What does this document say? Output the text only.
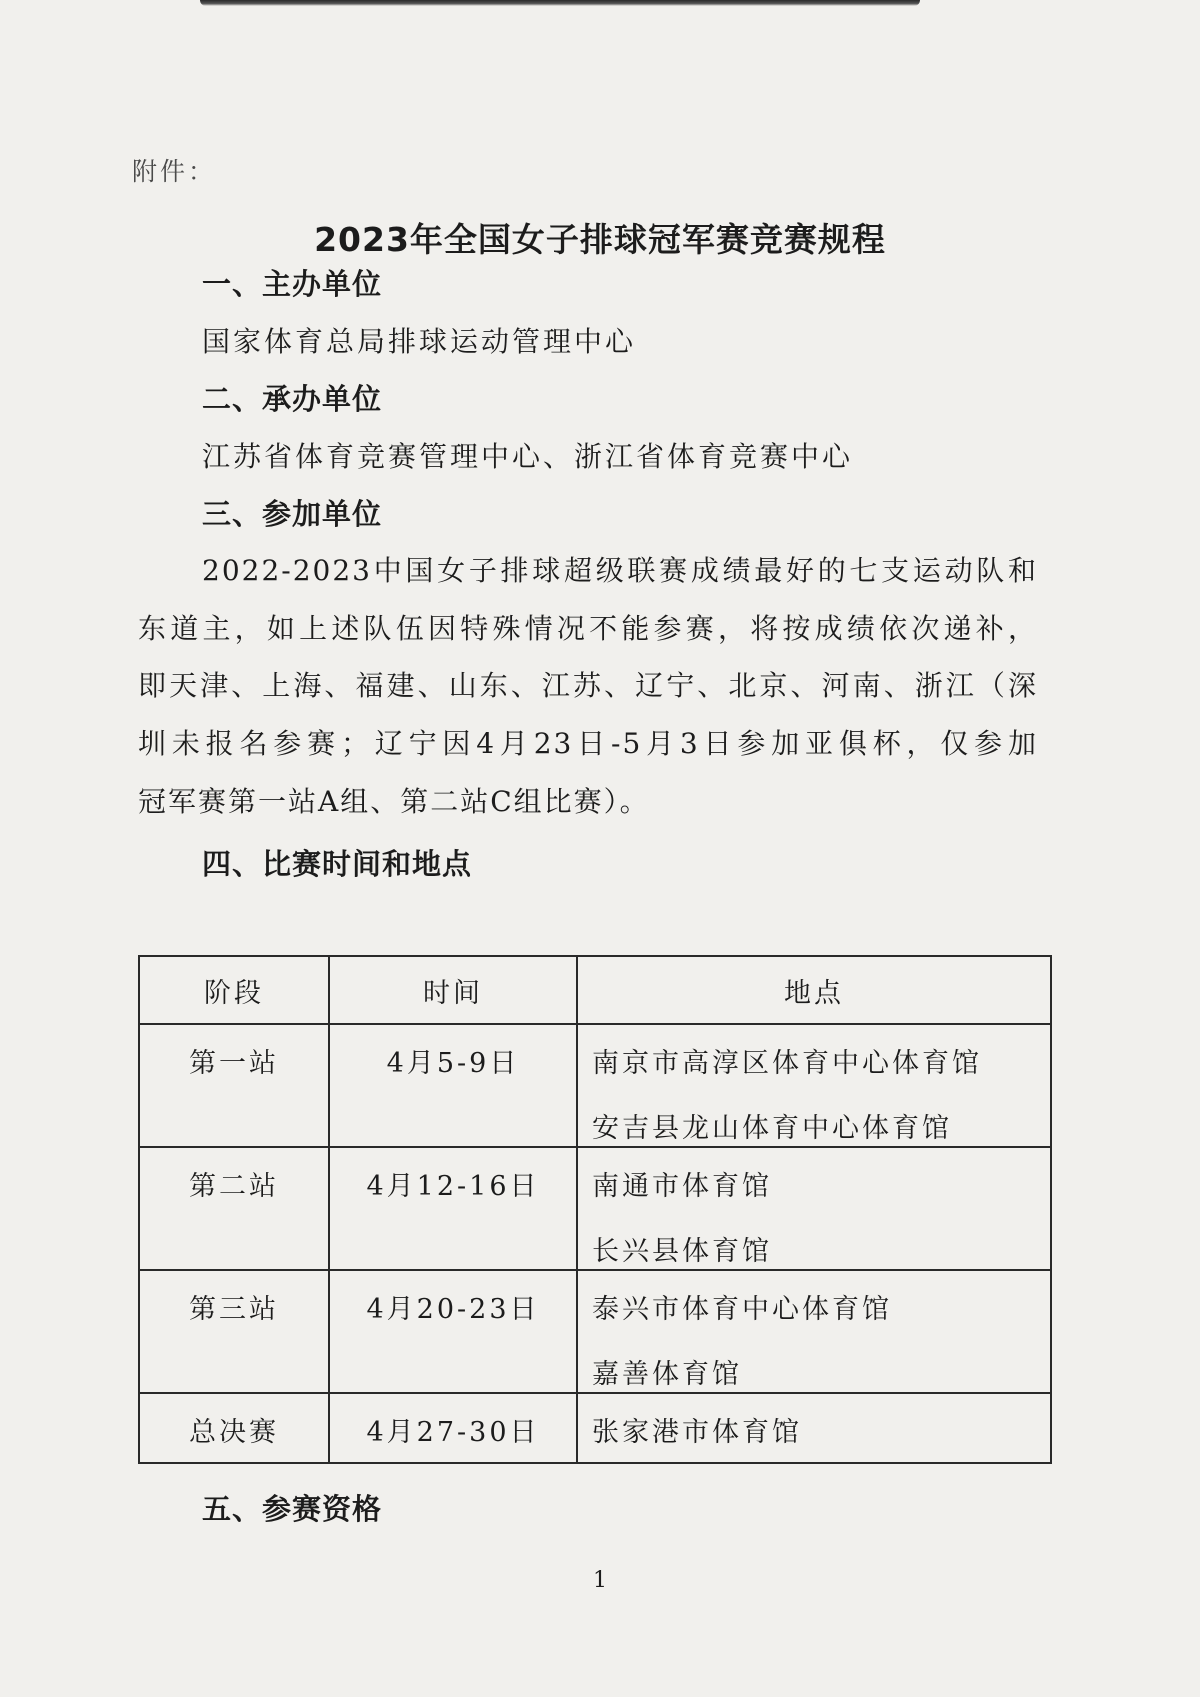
附件：
2023年全国女子排球冠军赛竞赛规程
一、主办单位
国家体育总局排球运动管理中心
二、承办单位
江苏省体育竞赛管理中心、浙江省体育竞赛中心
三、参加单位
2022-2023中国女子排球超级联赛成绩最好的七支运动队和
东道主，如上述队伍因特殊情况不能参赛，将按成绩依次递补，
即天津、上海、福建、山东、江苏、辽宁、北京、河南、浙江（深
圳未报名参赛；辽宁因4月23日-5月3日参加亚俱杯，仅参加
冠军赛第一站A组、第二站C组比赛）。
四、比赛时间和地点
阶段	时间	地点
第一站	4月5-9日	南京市高淳区体育中心体育馆
安吉县龙山体育中心体育馆

第二站	4月12-16日	南通市体育馆
长兴县体育馆

第三站	4月20-23日	泰兴市体育中心体育馆
嘉善体育馆

总决赛	4月27-30日	张家港市体育馆
五、参赛资格
1
